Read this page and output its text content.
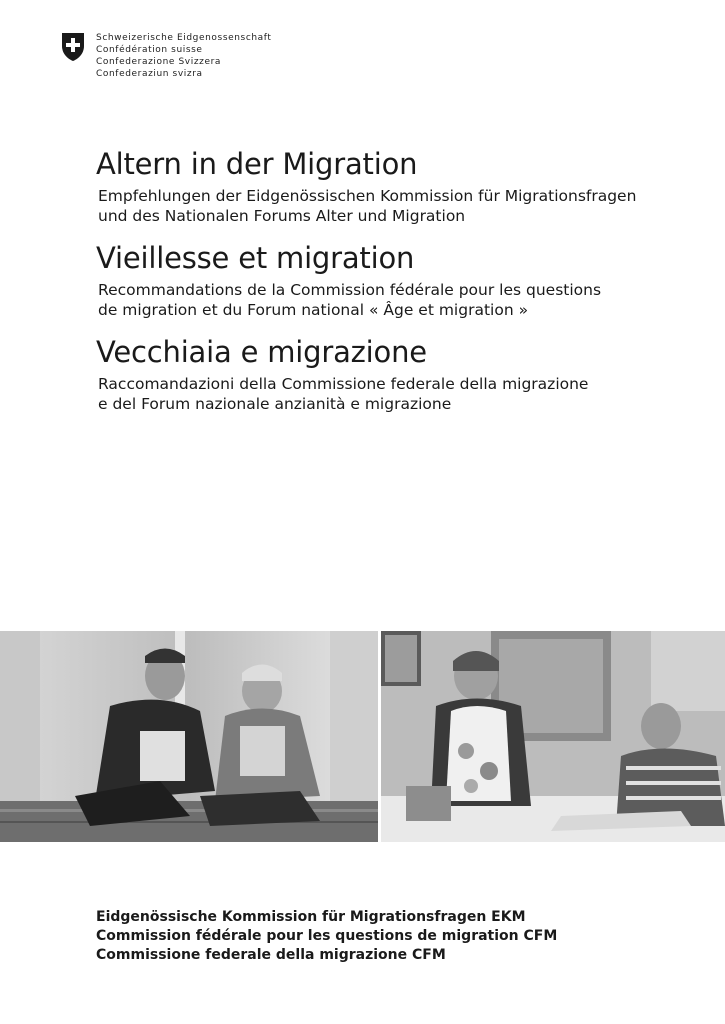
Schweizerische Eidgenossenschaft
Confédération suisse
Confederazione Svizzera
Confederaziun svizra
Altern in der Migration
Empfehlungen der Eidgenössischen Kommission für Migrationsfragen
und des Nationalen Forums Alter und Migration
Vieillesse et migration
Recommandations de la Commission fédérale pour les questions
de migration et du Forum national « Âge et migration »
Vecchiaia e migrazione
Raccomandazioni della Commissione federale della migrazione
e del Forum nazionale anzianità e migrazione
Eidgenössische Kommission für Migrationsfragen EKM
Commission fédérale pour les questions de migration CFM
Commissione federale della migrazione CFM
